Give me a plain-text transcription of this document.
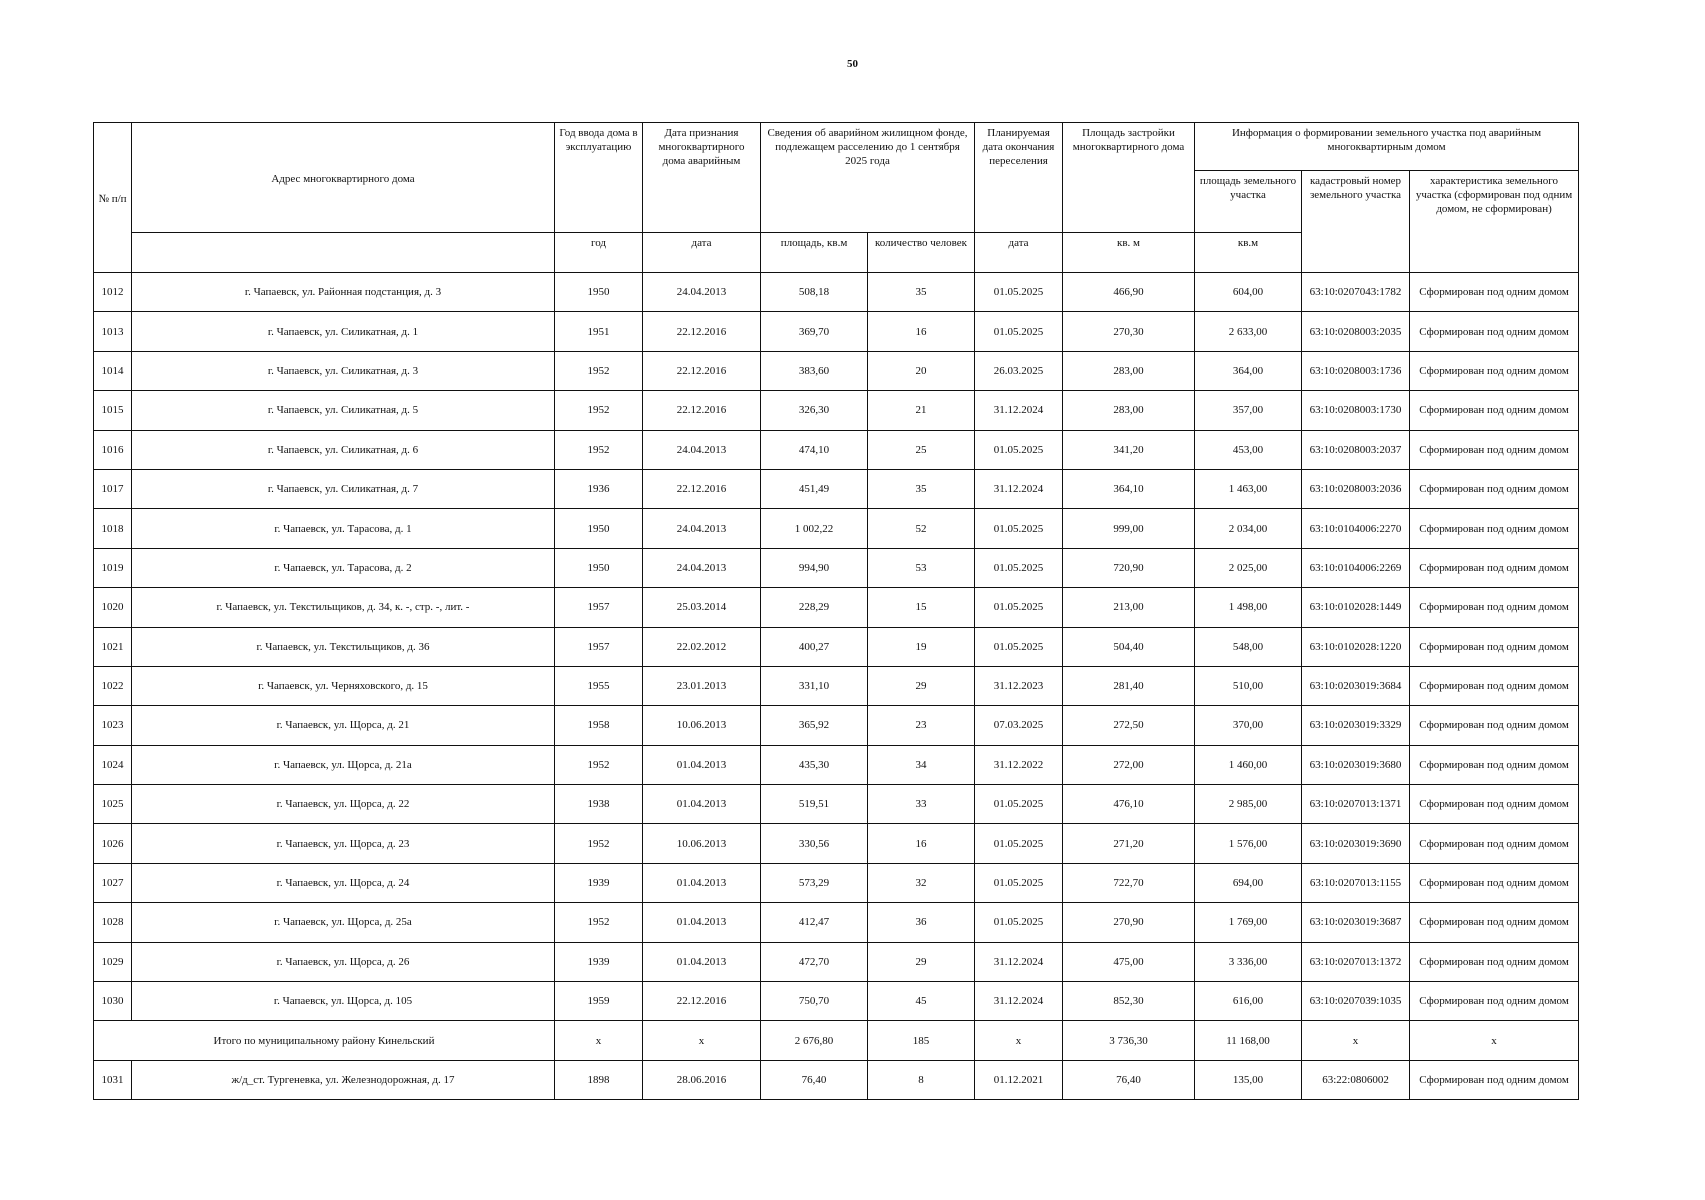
50
№ п/п	Адрес многоквартирного дома	Год ввода дома в эксплуатацию	Дата признания многоквартирного дома аварийным	Сведения об аварийном жилищном фонде, подлежащем расселению до 1 сентября 2025 года		Планируемая дата окончания переселения	Площадь застройки многоквартирного дома	Информация о формировании земельного участка под аварийным многоквартирным домом		
								площадь земельного участка	кадастровый номер земельного участка	характеристика земельного участка (сформирован под одним домом, не сформирован)
		год	дата	площадь, кв.м	количество человек	дата	кв. м	кв.м		
1012	г. Чапаевск, ул. Районная подстанция, д. 3	1950	24.04.2013	508,18	35	01.05.2025	466,90	604,00	63:10:0207043:1782	Сформирован под одним домом
1013	г. Чапаевск, ул. Силикатная, д. 1	1951	22.12.2016	369,70	16	01.05.2025	270,30	2 633,00	63:10:0208003:2035	Сформирован под одним домом
1014	г. Чапаевск, ул. Силикатная, д. 3	1952	22.12.2016	383,60	20	26.03.2025	283,00	364,00	63:10:0208003:1736	Сформирован под одним домом
1015	г. Чапаевск, ул. Силикатная, д. 5	1952	22.12.2016	326,30	21	31.12.2024	283,00	357,00	63:10:0208003:1730	Сформирован под одним домом
1016	г. Чапаевск, ул. Силикатная, д. 6	1952	24.04.2013	474,10	25	01.05.2025	341,20	453,00	63:10:0208003:2037	Сформирован под одним домом
1017	г. Чапаевск, ул. Силикатная, д. 7	1936	22.12.2016	451,49	35	31.12.2024	364,10	1 463,00	63:10:0208003:2036	Сформирован под одним домом
1018	г. Чапаевск, ул. Тарасова, д. 1	1950	24.04.2013	1 002,22	52	01.05.2025	999,00	2 034,00	63:10:0104006:2270	Сформирован под одним домом
1019	г. Чапаевск, ул. Тарасова, д. 2	1950	24.04.2013	994,90	53	01.05.2025	720,90	2 025,00	63:10:0104006:2269	Сформирован под одним домом
1020	г. Чапаевск, ул. Текстильщиков, д. 34, к. -, стр. -, лит. -	1957	25.03.2014	228,29	15	01.05.2025	213,00	1 498,00	63:10:0102028:1449	Сформирован под одним домом
1021	г. Чапаевск, ул. Текстильщиков, д. 36	1957	22.02.2012	400,27	19	01.05.2025	504,40	548,00	63:10:0102028:1220	Сформирован под одним домом
1022	г. Чапаевск, ул. Черняховского, д. 15	1955	23.01.2013	331,10	29	31.12.2023	281,40	510,00	63:10:0203019:3684	Сформирован под одним домом
1023	г. Чапаевск, ул. Щорса, д. 21	1958	10.06.2013	365,92	23	07.03.2025	272,50	370,00	63:10:0203019:3329	Сформирован под одним домом
1024	г. Чапаевск, ул. Щорса, д. 21а	1952	01.04.2013	435,30	34	31.12.2022	272,00	1 460,00	63:10:0203019:3680	Сформирован под одним домом
1025	г. Чапаевск, ул. Щорса, д. 22	1938	01.04.2013	519,51	33	01.05.2025	476,10	2 985,00	63:10:0207013:1371	Сформирован под одним домом
1026	г. Чапаевск, ул. Щорса, д. 23	1952	10.06.2013	330,56	16	01.05.2025	271,20	1 576,00	63:10:0203019:3690	Сформирован под одним домом
1027	г. Чапаевск, ул. Щорса, д. 24	1939	01.04.2013	573,29	32	01.05.2025	722,70	694,00	63:10:0207013:1155	Сформирован под одним домом
1028	г. Чапаевск, ул. Щорса, д. 25а	1952	01.04.2013	412,47	36	01.05.2025	270,90	1 769,00	63:10:0203019:3687	Сформирован под одним домом
1029	г. Чапаевск, ул. Щорса, д. 26	1939	01.04.2013	472,70	29	31.12.2024	475,00	3 336,00	63:10:0207013:1372	Сформирован под одним домом
1030	г. Чапаевск, ул. Щорса, д. 105	1959	22.12.2016	750,70	45	31.12.2024	852,30	616,00	63:10:0207039:1035	Сформирован под одним домом
Итого по муниципальному району Кинельский		x	x	2 676,80	185	x	3 736,30	11 168,00	x	x
1031	ж/д_ст. Тургеневка, ул. Железнодорожная, д. 17	1898	28.06.2016	76,40	8	01.12.2021	76,40	135,00	63:22:0806002	Сформирован под одним домом
